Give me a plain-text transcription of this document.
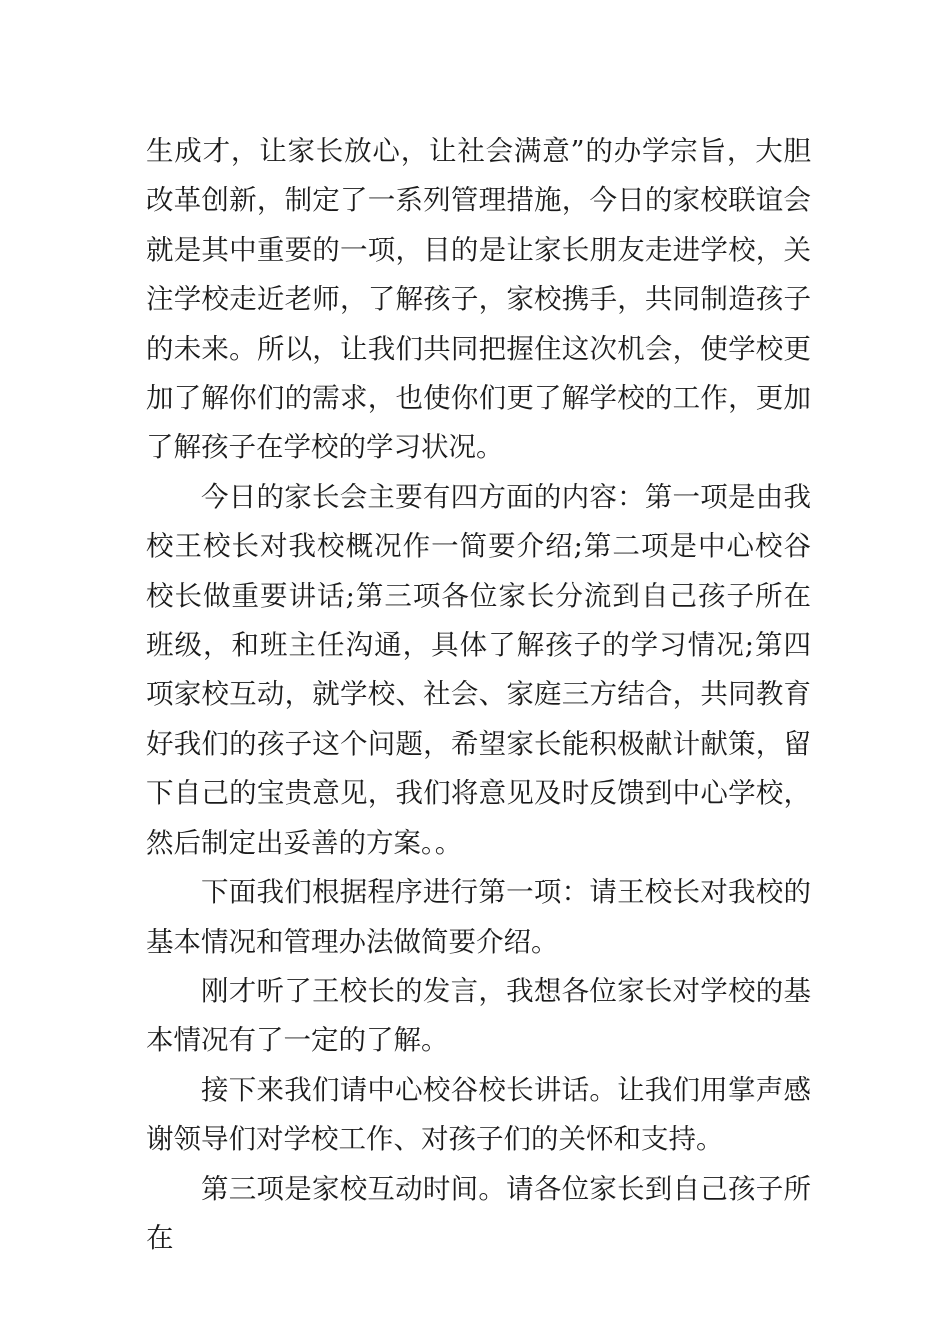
生成才，让家长放心，让社会满意”的办学宗旨，大胆改革创新，制定了一系列管理措施，今日的家校联谊会就是其中重要的一项，目的是让家长朋友走进学校，关注学校走近老师，了解孩子，家校携手，共同制造孩子的未来。所以，让我们共同把握住这次机会，使学校更加了解你们的需求，也使你们更了解学校的工作，更加了解孩子在学校的学习状况。

今日的家长会主要有四方面的内容：第一项是由我校王校长对我校概况作一简要介绍;第二项是中心校谷校长做重要讲话;第三项各位家长分流到自己孩子所在班级，和班主任沟通，具体了解孩子的学习情况;第四项家校互动，就学校、社会、家庭三方结合，共同教育好我们的孩子这个问题，希望家长能积极献计献策，留下自己的宝贵意见，我们将意见及时反馈到中心学校，然后制定出妥善的方案。。

下面我们根据程序进行第一项：请王校长对我校的基本情况和管理办法做简要介绍。

刚才听了王校长的发言，我想各位家长对学校的基本情况有了一定的了解。

接下来我们请中心校谷校长讲话。让我们用掌声感谢领导们对学校工作、对孩子们的关怀和支持。

第三项是家校互动时间。请各位家长到自己孩子所在
